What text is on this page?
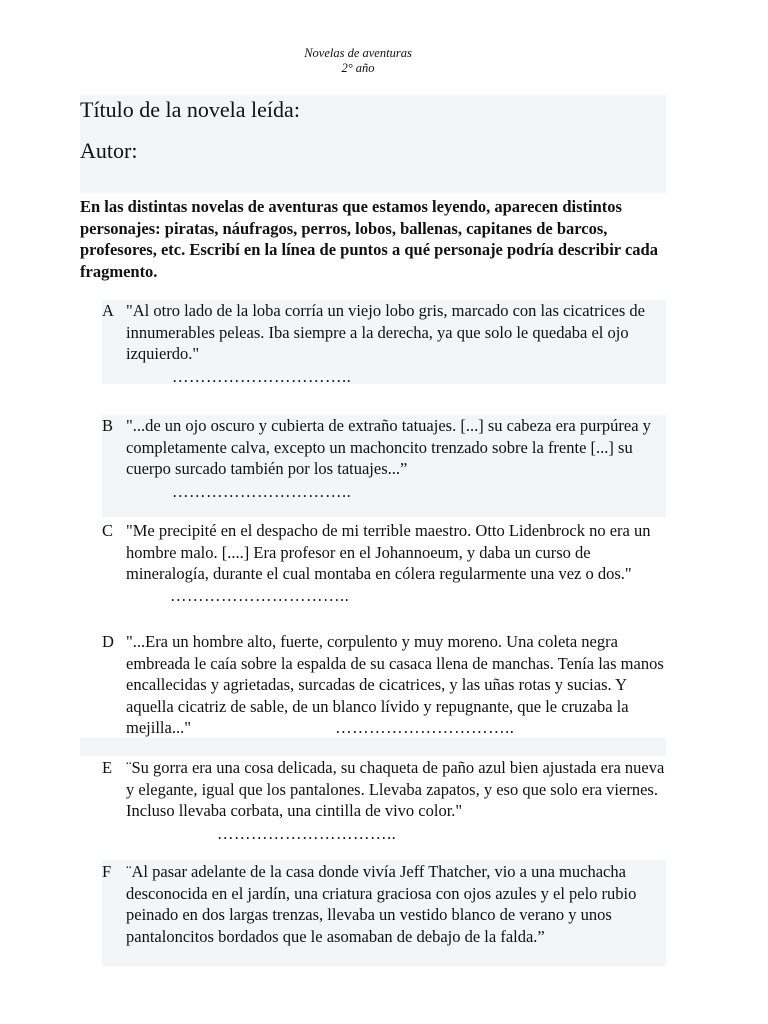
Novelas de aventuras
2° año
Título de la novela leída:
Autor:
En las distintas novelas de aventuras que estamos leyendo, aparecen distintos personajes: piratas, náufragos, perros, lobos, ballenas, capitanes de barcos, profesores, etc. Escribí en la línea de puntos a qué personaje podría describir cada fragmento.
A "Al otro lado de la loba corría un viejo lobo gris, marcado con las cicatrices de innumerables peleas. Iba siempre a la derecha, ya que solo le quedaba el ojo izquierdo."
…………………………..
B "...de un ojo oscuro y cubierta de extraño tatuajes. [...] su cabeza era purpúrea y completamente calva, excepto un machoncito trenzado sobre la frente [...] su cuerpo surcado también por los tatuajes...”
…………………………..
C "Me precipité en el despacho de mi terrible maestro. Otto Lidenbrock no era un hombre malo. [....] Era profesor en el Johannoeum, y daba un curso de mineralogía, durante el cual montaba en cólera regularmente una vez o dos." …………………………..
D "...Era un hombre alto, fuerte, corpulento y muy moreno. Una coleta negra embreada le caía sobre la espalda de su casaca llena de manchas. Tenía las manos encallecidas y agrietadas, surcadas de cicatrices, y las uñas rotas y sucias. Y aquella cicatriz de sable, de un blanco lívido y repugnante, que le cruzaba la mejilla..."	…………………………..
E ¨Su gorra era una cosa delicada, su chaqueta de paño azul bien ajustada era nueva y elegante, igual que los pantalones. Llevaba zapatos, y eso que solo era viernes. Incluso llevaba corbata, una cintilla de vivo color."
…………………………..
F ¨Al pasar adelante de la casa donde vivía Jeff Thatcher, vio a una muchacha desconocida en el jardín, una criatura graciosa con ojos azules y el pelo rubio peinado en dos largas trenzas, llevaba un vestido blanco de verano y unos pantaloncitos bordados que le asomaban de debajo de la falda.”
